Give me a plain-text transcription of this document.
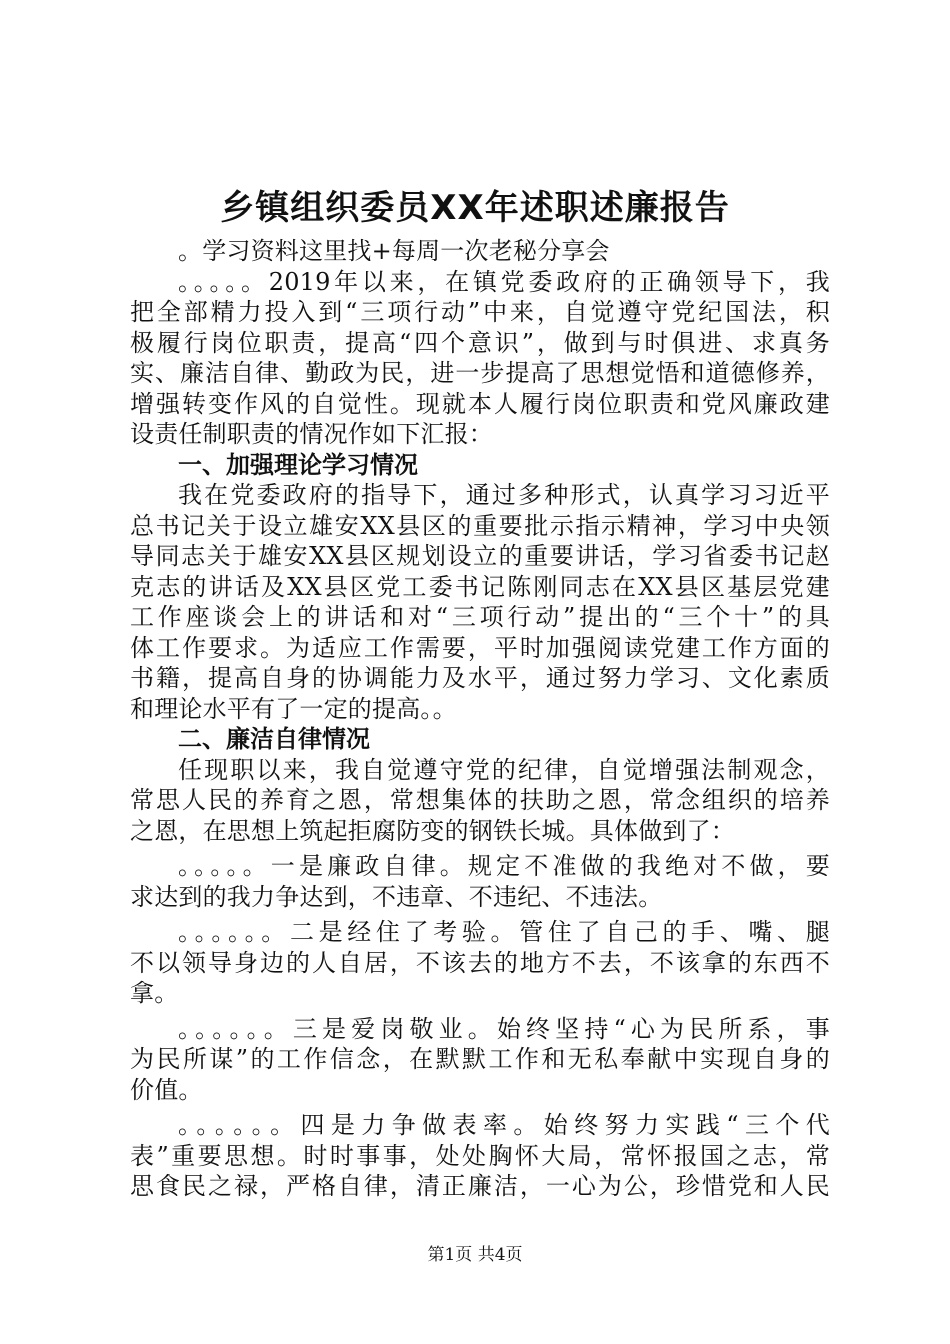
乡镇组织委员XX年述职述廉报告

。学习资料这里找+每周一次老秘分享会

。。。。。2019年以来，在镇党委政府的正确领导下，我
把全部精力投入到“三项行动”中来，自觉遵守党纪国法，积
极履行岗位职责，提高“四个意识”，做到与时俱进、求真务
实、廉洁自律、勤政为民，进一步提高了思想觉悟和道德修养，
增强转变作风的自觉性。现就本人履行岗位职责和党风廉政建
设责任制职责的情况作如下汇报：

一、加强理论学习情况

我在党委政府的指导下，通过多种形式，认真学习习近平
总书记关于设立雄安XX县区的重要批示指示精神，学习中央领
导同志关于雄安XX县区规划设立的重要讲话，学习省委书记赵
克志的讲话及XX县区党工委书记陈刚同志在XX县区基层党建
工作座谈会上的讲话和对“三项行动”提出的“三个十”的具
体工作要求。为适应工作需要，平时加强阅读党建工作方面的
书籍，提高自身的协调能力及水平，通过努力学习、文化素质
和理论水平有了一定的提高。。

二、廉洁自律情况

任现职以来，我自觉遵守党的纪律，自觉增强法制观念，
常思人民的养育之恩，常想集体的扶助之恩，常念组织的培养
之恩，在思想上筑起拒腐防变的钢铁长城。具体做到了：

。。。。。一是廉政自律。规定不准做的我绝对不做，要
求达到的我力争达到，不违章、不违纪、不违法。

。。。。。。二是经住了考验。管住了自己的手、嘴、腿
不以领导身边的人自居，不该去的地方不去，不该拿的东西不
拿。

。。。。。。三是爱岗敬业。始终坚持“心为民所系，事
为民所谋”的工作信念，在默默工作和无私奉献中实现自身的
价值。

。。。。。。四是力争做表率。始终努力实践“三个代
表”重要思想。时时事事，处处胸怀大局，常怀报国之志，常
思食民之禄，严格自律，清正廉洁，一心为公，珍惜党和人民

第1页 共4页
